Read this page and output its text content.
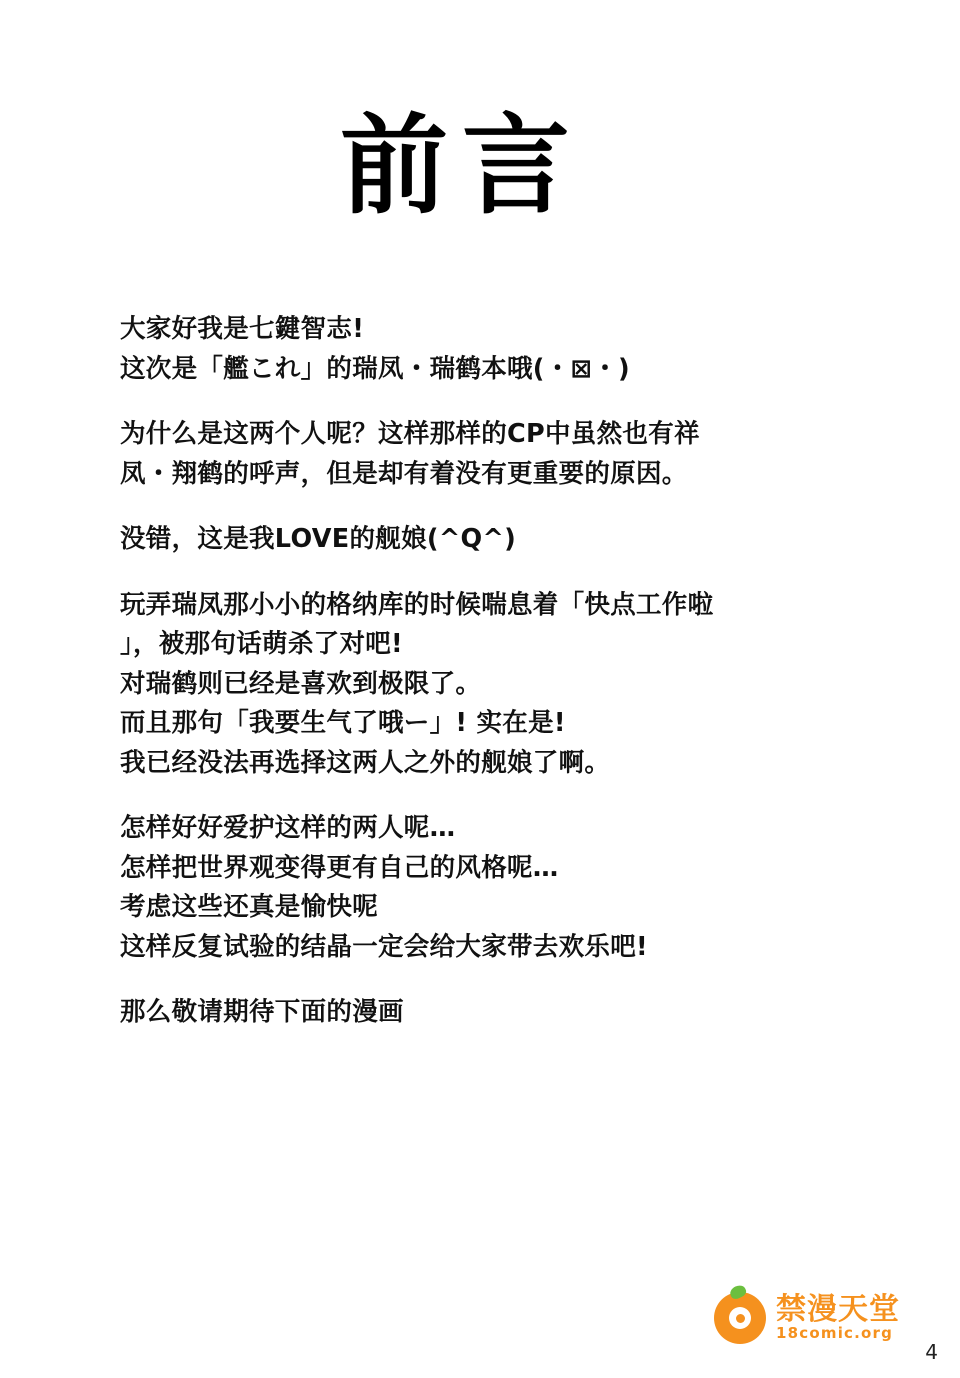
前言
大家好我是七鍵智志!
这次是「艦これ」的瑞凤・瑞鹤本哦(・⊠・)
为什么是这两个人呢？这样那样的CP中虽然也有祥
凤・翔鹤的呼声，但是却有着没有更重要的原因。
没错，这是我LOVE的舰娘(^Q^)
玩弄瑞凤那小小的格纳库的时候喘息着「快点工作啦
」，被那句话萌杀了对吧!
对瑞鹤则已经是喜欢到极限了。
而且那句「我要生气了哦ー」! 实在是!
我已经没法再选择这两人之外的舰娘了啊。
怎样好好爱护这样的两人呢…
怎样把世界观变得更有自己的风格呢…
考虑这些还真是愉快呢
这样反复试验的结晶一定会给大家带去欢乐吧!
那么敬请期待下面的漫画
禁漫天堂
18comic.org
4
